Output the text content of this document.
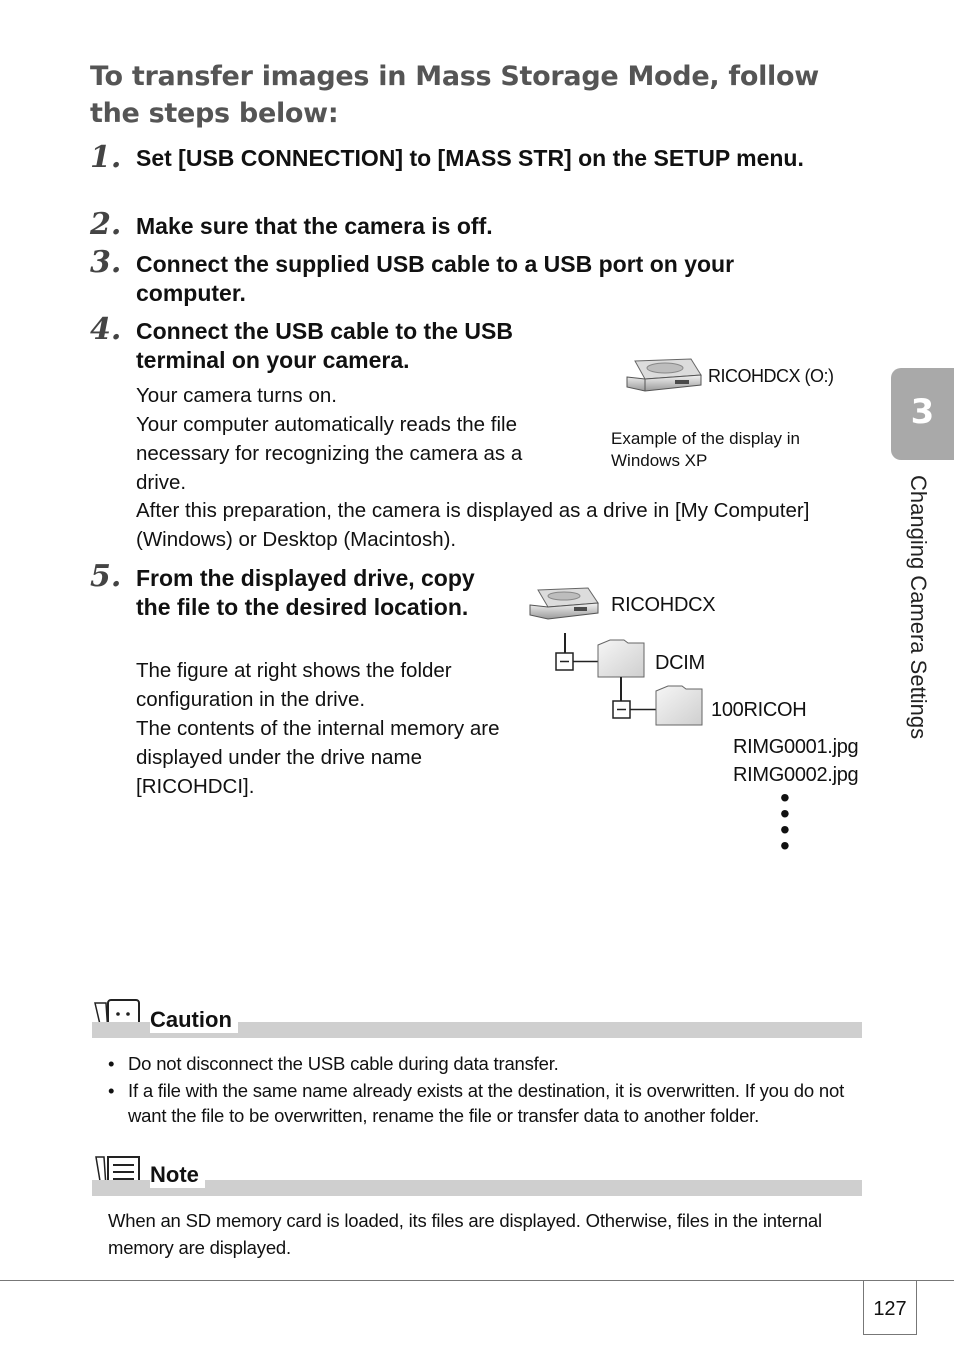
To transfer images in Mass Storage Mode, follow the steps below:
1. Set [USB CONNECTION] to [MASS STR] on the SETUP menu.
2. Make sure that the camera is off.
3. Connect the supplied USB cable to a USB port on your computer.
4. Connect the USB cable to the USB terminal on your camera.
Your camera turns on.
Your computer automatically reads the file necessary for recognizing the camera as a drive.
After this preparation, the camera is displayed as a drive in [My Computer] (Windows) or Desktop (Macintosh).
RICOHDCX (O:)
Example of the display in Windows XP
5. From the displayed drive, copy the file to the desired location.
The figure at right shows the folder configuration in the drive.
The contents of the internal memory are displayed under the drive name [RICOHDCI].
RICOHDCX
DCIM
100RICOH
RIMG0001.jpg
RIMG0002.jpg
•
•
•
•
Caution
• Do not disconnect the USB cable during data transfer.
• If a file with the same name already exists at the destination, it is overwritten. If you do not want the file to be overwritten, rename the file or transfer data to another folder.
Note
When an SD memory card is loaded, its files are displayed. Otherwise, files in the internal memory are displayed.
3
Changing Camera Settings
127
